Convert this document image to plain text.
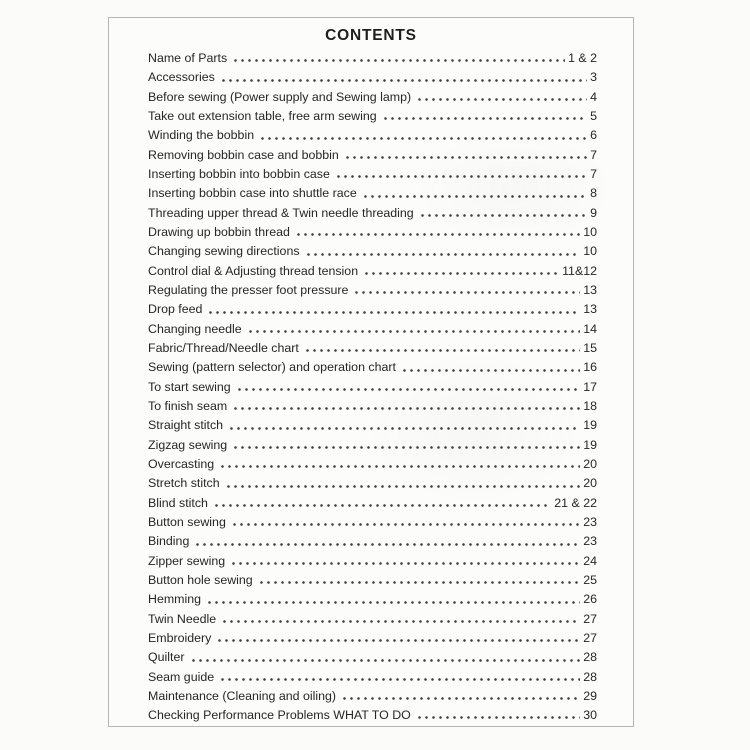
CONTENTS
Name of Parts	1 & 2
Accessories	3
Before sewing (Power supply and Sewing lamp)	4
Take out extension table, free arm sewing	5
Winding the bobbin	6
Removing bobbin case and bobbin	7
Inserting bobbin into bobbin case	7
Inserting bobbin case into shuttle race	8
Threading upper thread & Twin needle threading	9
Drawing up bobbin thread	10
Changing sewing directions	10
Control dial & Adjusting thread tension	11&12
Regulating the presser foot pressure	13
Drop feed	13
Changing needle	14
Fabric/Thread/Needle chart	15
Sewing (pattern selector) and operation chart	16
To start sewing	17
To finish seam	18
Straight stitch	19
Zigzag sewing	19
Overcasting	20
Stretch stitch	20
Blind stitch	21 & 22
Button sewing	23
Binding	23
Zipper sewing	24
Button hole sewing	25
Hemming	26
Twin Needle	27
Embroidery	27
Quilter	28
Seam guide	28
Maintenance (Cleaning and oiling)	29
Checking Performance Problems WHAT TO DO	30
